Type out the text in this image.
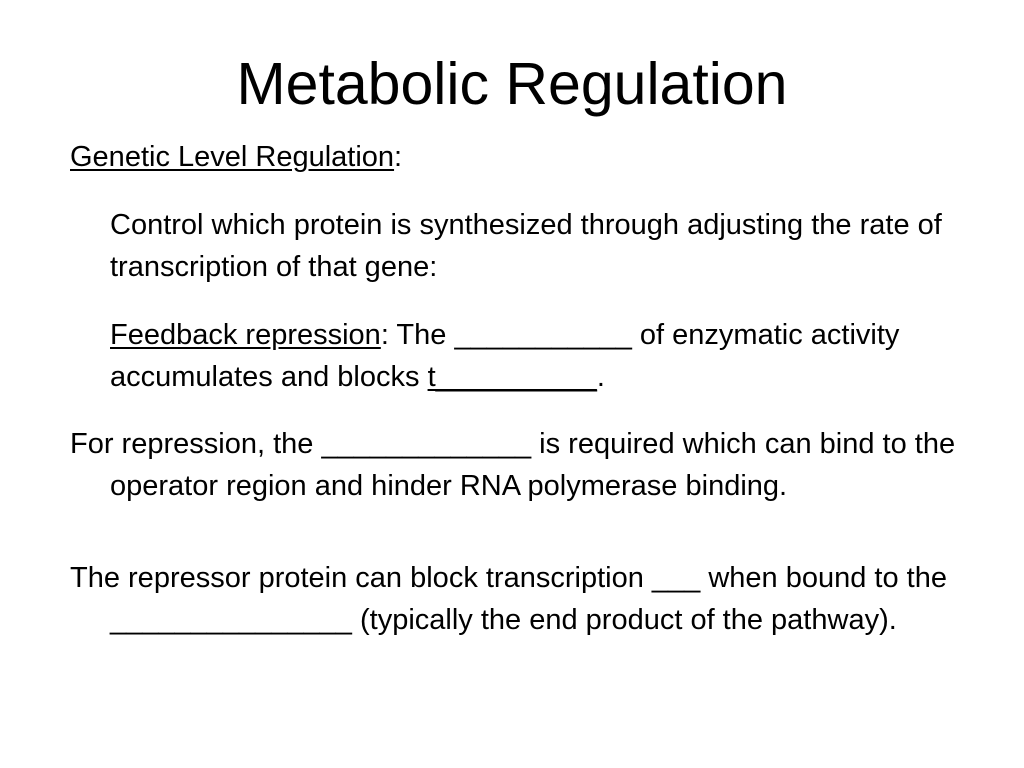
Metabolic Regulation

Genetic Level Regulation:

Control which protein is synthesized through adjusting the rate of transcription of that gene:

Feedback repression: The ___________ of enzymatic activity accumulates and blocks t__________.

For repression, the _____________ is required which can bind to the operator region and hinder RNA polymerase binding.

The repressor protein can block transcription ___ when bound to the _______________ (typically the end product of the pathway).
